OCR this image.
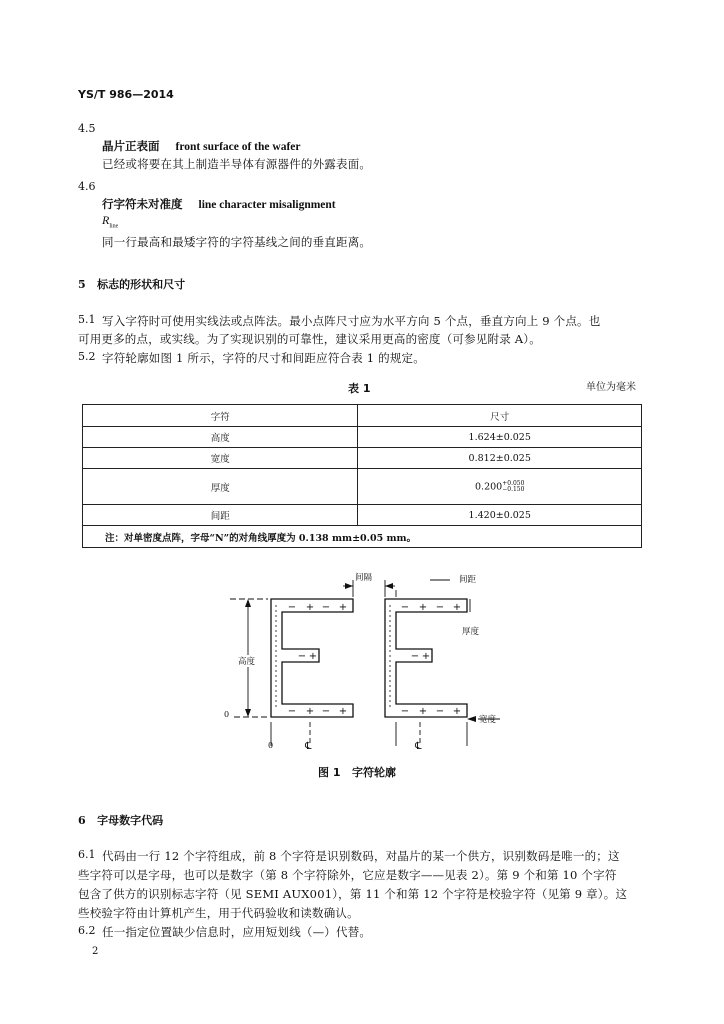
YS/T 986—2014
4.5
晶片正表面 front surface of the wafer
已经或将要在其上制造半导体有源器件的外露表面。
4.6
行字符未对准度 line character misalignment
$R_{line}$
同一行最高和最矮字符的字符基线之间的垂直距离。
5   标志的形状和尺寸
5.1 写入字符时可使用实线法或点阵法。最小点阵尺寸应为水平方向 5 个点，垂直方向上 9 个点。也
可用更多的点，或实线。为了实现识别的可靠性，建议采用更高的密度（可参见附录 A）。
5.2 字符轮廓如图 1 所示，字符的尺寸和间距应符合表 1 的规定。
表 1	单位为毫米
字符	尺寸
高度	1.624±0.025
宽度	0.812±0.025
厚度	0.200+0.050
−0.150
间距	1.420±0.025
注：对单密度点阵，字母“N”的对角线厚度为 0.138 mm±0.05 mm。	
− + − +
− +
− + − +
− + − +
− +
− + − +
间隔	间距
厚度
高度
宽度
0
0	℄	℄
图 1   字符轮廓
6   字母数字代码
6.1 代码由一行 12 个字符组成，前 8 个字符是识别数码，对晶片的某一个供方，识别数码是唯一的；这
些字符可以是字母，也可以是数字（第 8 个字符除外，它应是数字——见表 2）。第 9 个和第 10 个字符
包含了供方的识别标志字符（见 SEMI AUX001），第 11 个和第 12 个字符是校验字符（见第 9 章）。这
些校验字符由计算机产生，用于代码验收和读数确认。
6.2 任一指定位置缺少信息时，应用短划线（—）代替。
2
